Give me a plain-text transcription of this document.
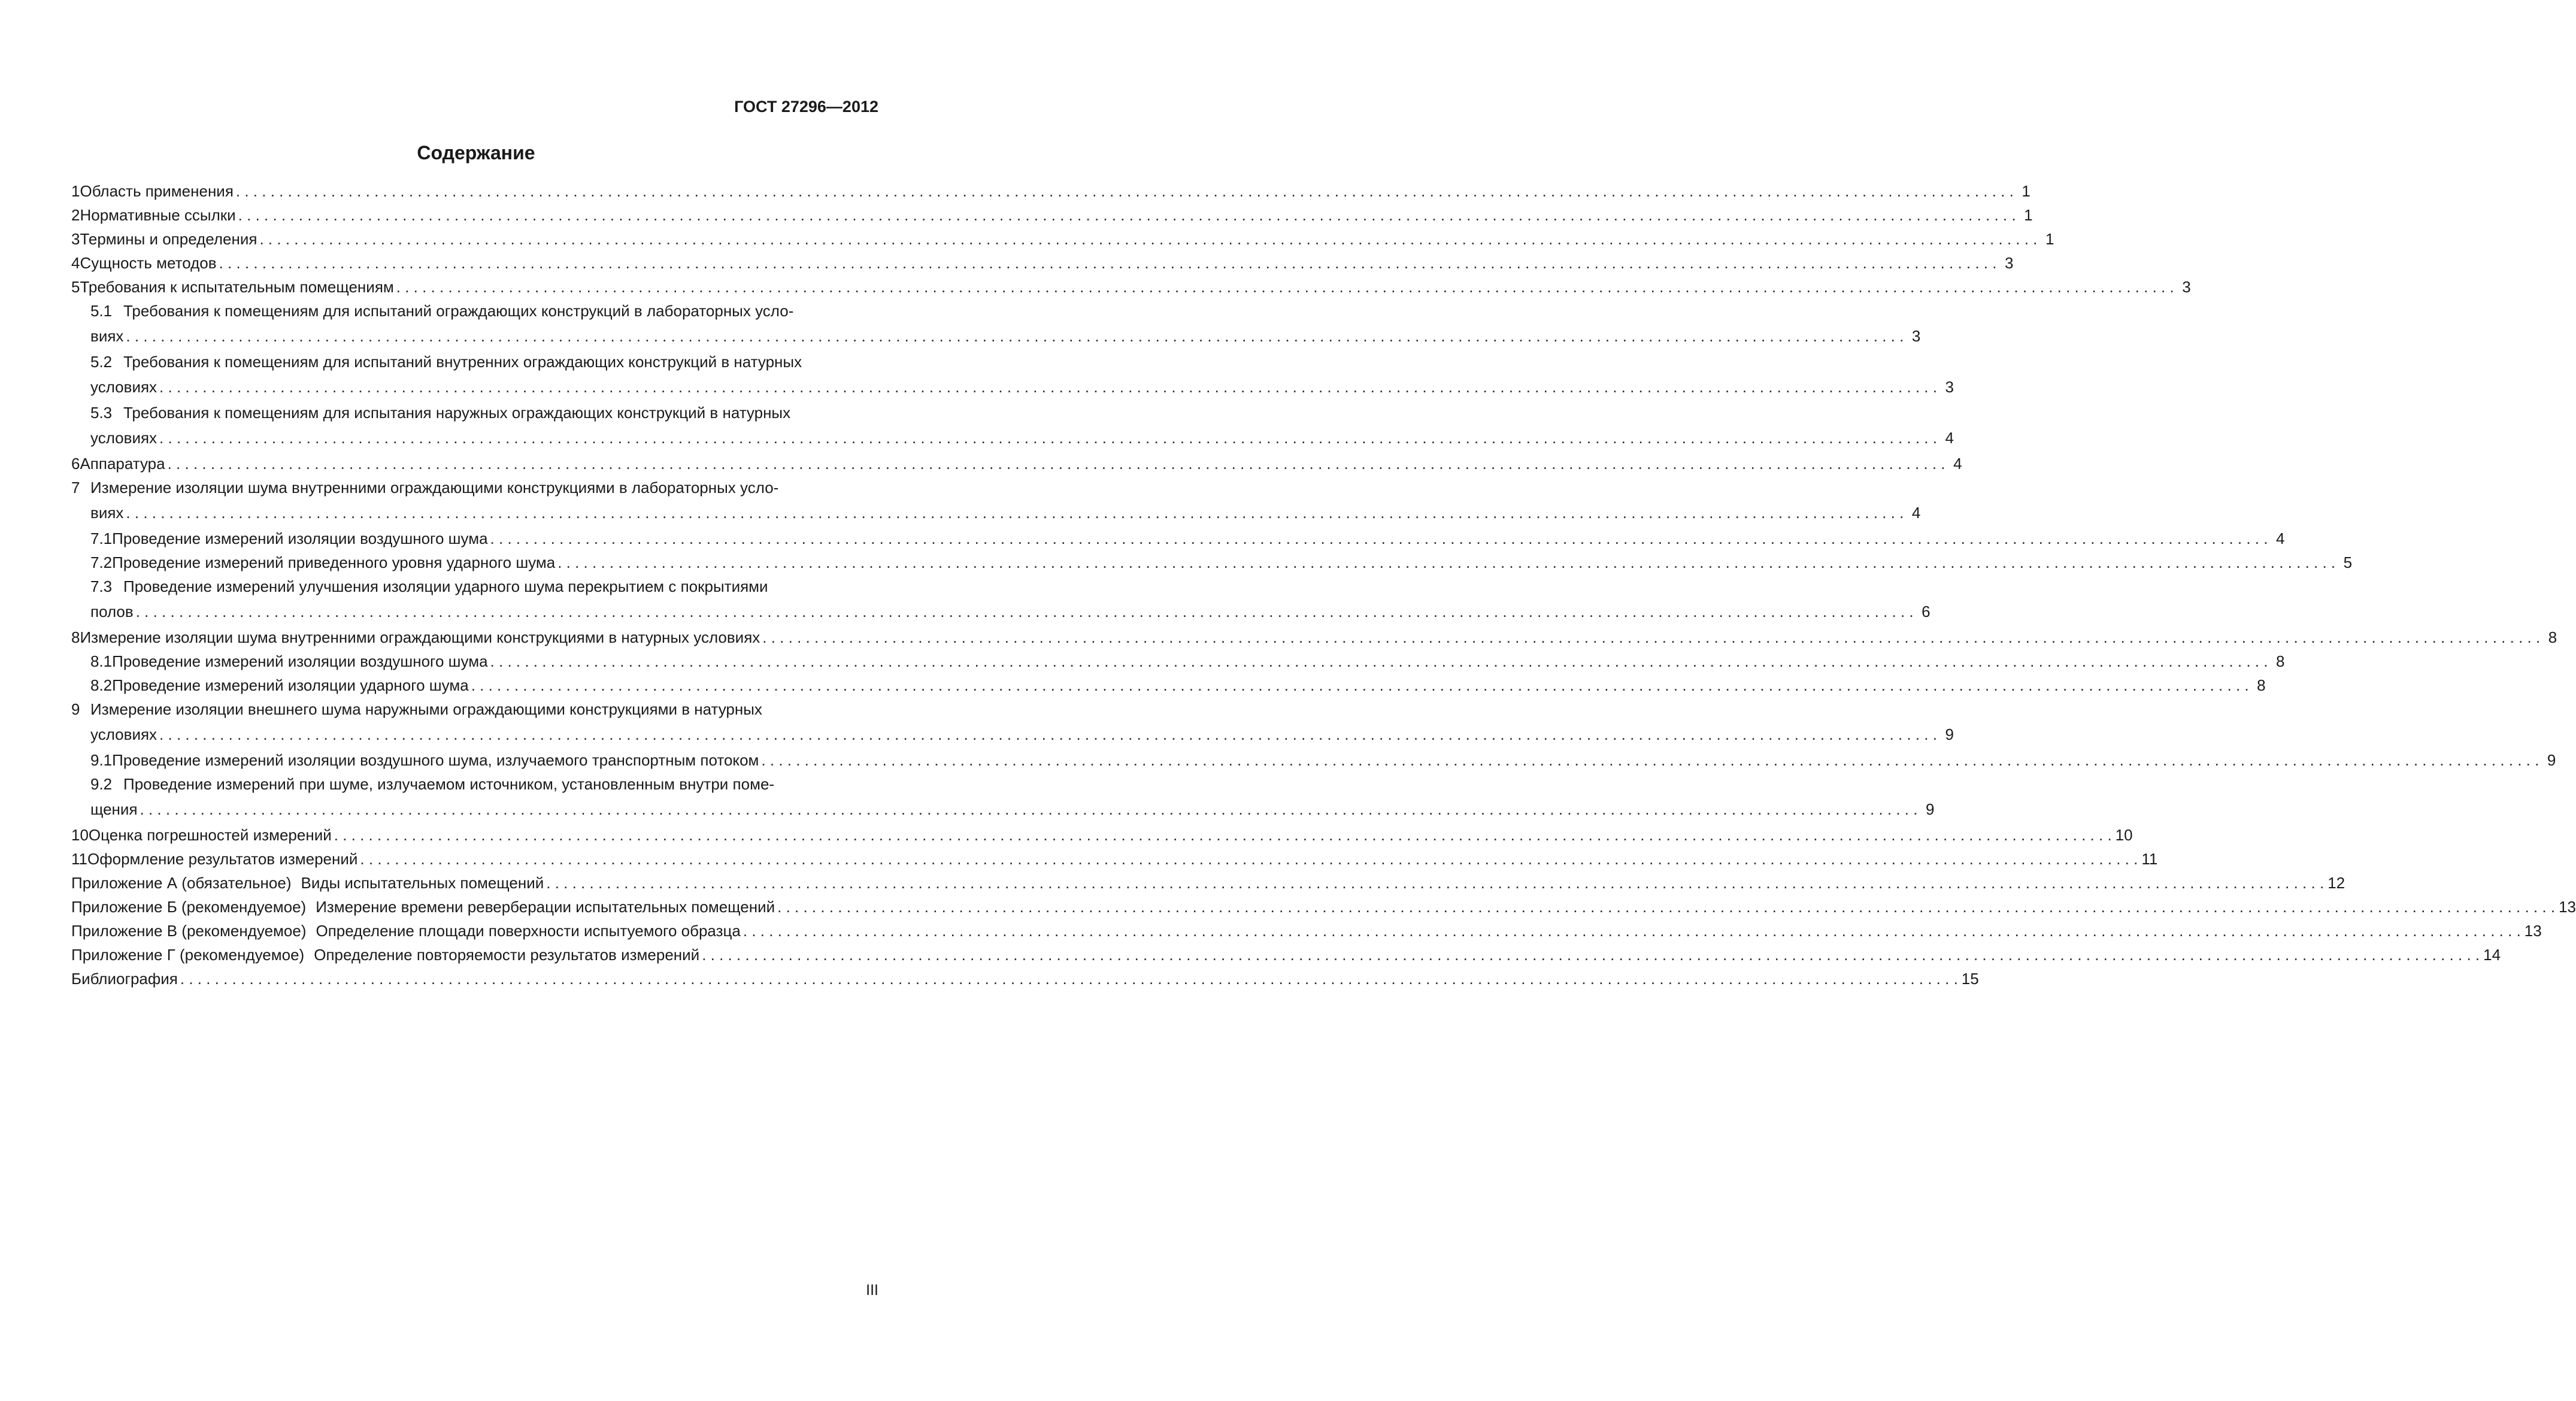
ГОСТ 27296—2012
Содержание
1 Область применения . . .	1
2 Нормативные ссылки . . .	1
3 Термины и определения . . .	1
4 Сущность методов . . .	3
5 Требования к испытательным помещениям . . .	3
5.1 Требования к помещениям для испытаний ограждающих конструкций в лабораторных усло-
виях . . .	3
5.2 Требования к помещениям для испытаний внутренних ограждающих конструкций в натурных
условиях . . .	3
5.3 Требования к помещениям для испытания наружных ограждающих конструкций в натурных
условиях . . .	4
6 Аппаратура . . .	4
7 Измерение изоляции шума внутренними ограждающими конструкциями в лабораторных усло-
виях . . .	4
7.1 Проведение измерений изоляции воздушного шума . . .	4
7.2 Проведение измерений приведенного уровня ударного шума . . .	5
7.3 Проведение измерений улучшения изоляции ударного шума перекрытием с покрытиями
полов . . .	6
8 Измерение изоляции шума внутренними ограждающими конструкциями в натурных условиях . . .	8
8.1 Проведение измерений изоляции воздушного шума . . .	8
8.2 Проведение измерений изоляции ударного шума . . .	8
9 Измерение изоляции внешнего шума наружными ограждающими конструкциями в натурных
условиях . . .	9
9.1 Проведение измерений изоляции воздушного шума, излучаемого транспортным потоком . . .	9
9.2 Проведение измерений при шуме, излучаемом источником, установленным внутри поме-
щения . . .	9
10 Оценка погрешностей измерений . . .	10
11 Оформление результатов измерений . . .	11
Приложение А (обязательное) Виды испытательных помещений . . .	12
Приложение Б (рекомендуемое) Измерение времени реверберации испытательных помещений . . .	13
Приложение В (рекомендуемое) Определение площади поверхности испытуемого образца . . .	13
Приложение Г (рекомендуемое) Определение повторяемости результатов измерений . . .	14
Библиография . . .	15
III
